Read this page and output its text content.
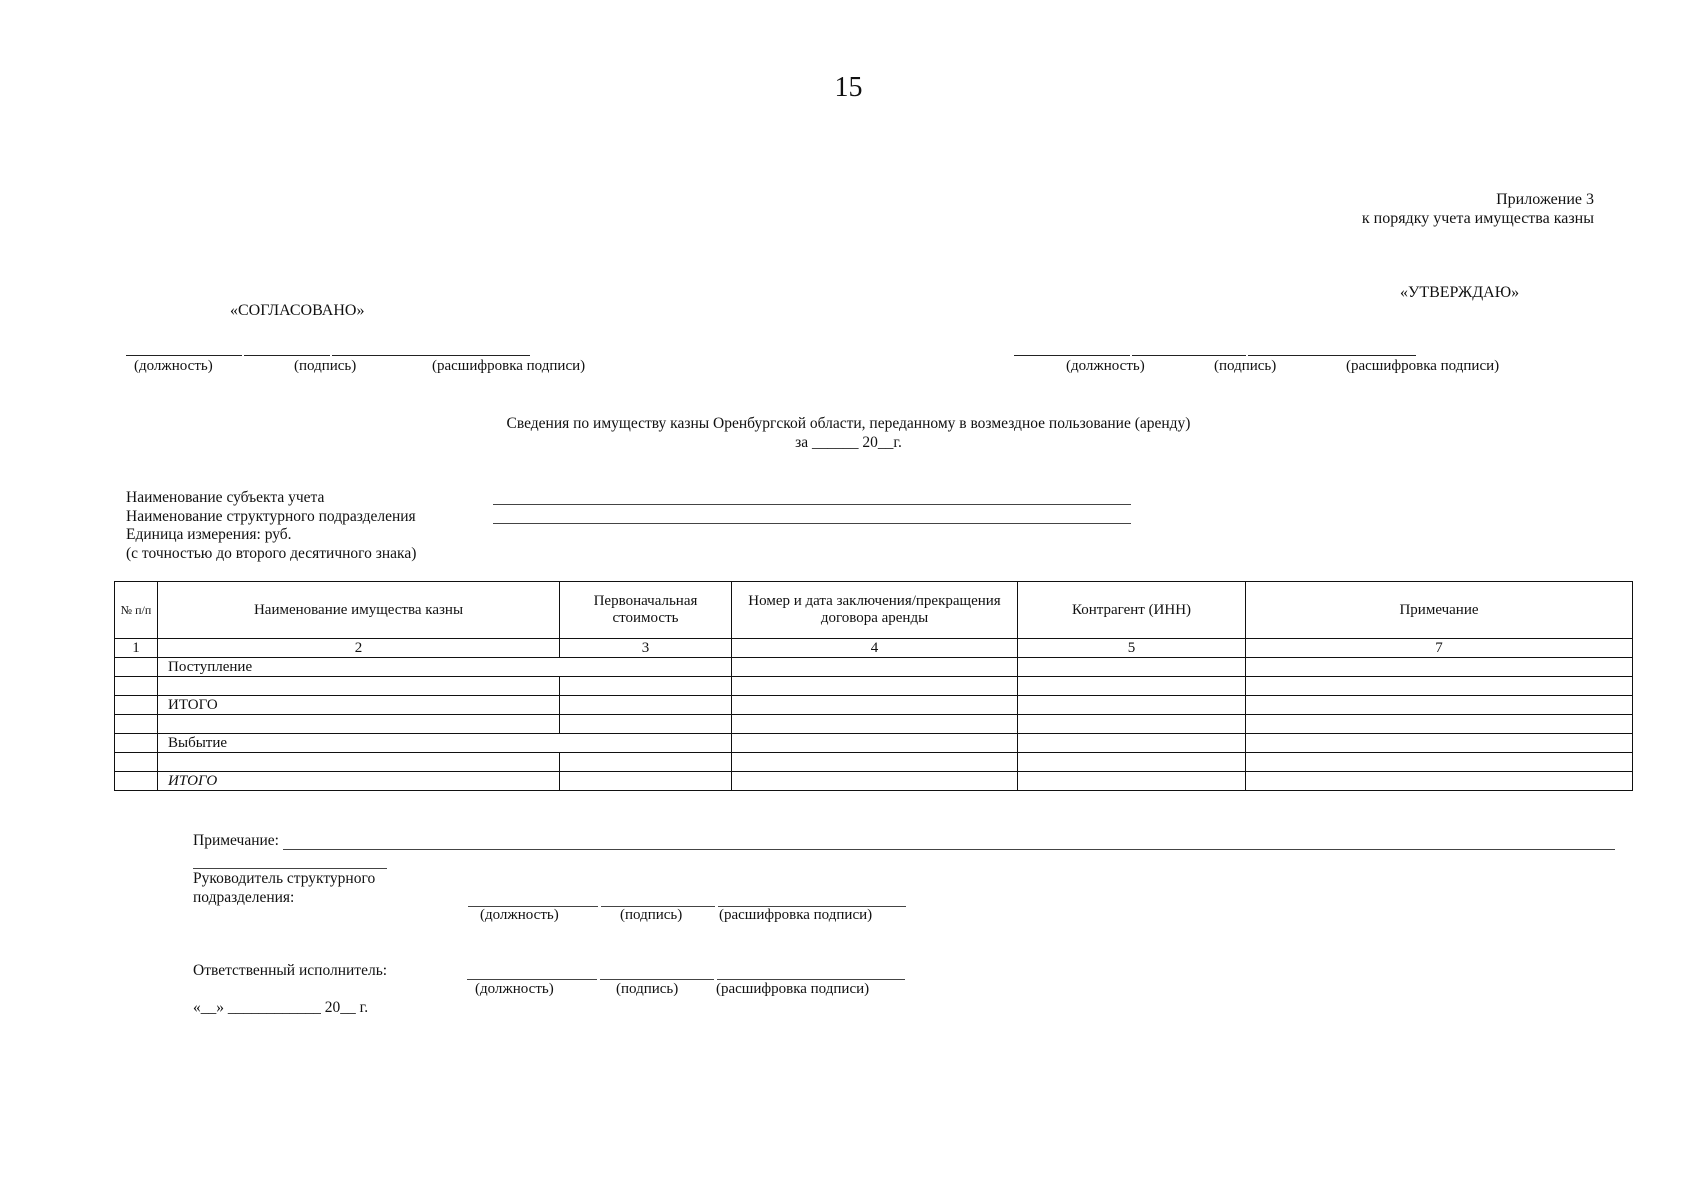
15
Приложение 3
к порядку учета имущества казны
«СОГЛАСОВАНО»
«УТВЕРЖДАЮ»
(должность)	(подпись)	(расшифровка подписи)	(должность)	(подпись)	(расшифровка подписи)
Сведения по имуществу казны Оренбургской области, переданному в возмездное пользование (аренду)
за ______ 20__г.
Наименование субъекта учета
Наименование структурного подразделения
Единица измерения: руб.
(с точностью до второго десятичного знака)
№ п/п	Наименование имущества казны	Первоначальная стоимость	Номер и дата заключения/прекращения договора аренды	Контрагент (ИНН)	Примечание
1	2	3	4	5	7
	Поступление				

	ИТОГО				

	Выбытие				

	ИТОГО				
Примечание:
Руководитель структурного
подразделения:
(должность)	(подпись) (расшифровка подписи)
Ответственный исполнитель:
(должность)	(подпись)	(расшифровка подписи)
«__» ____________ 20__ г.
